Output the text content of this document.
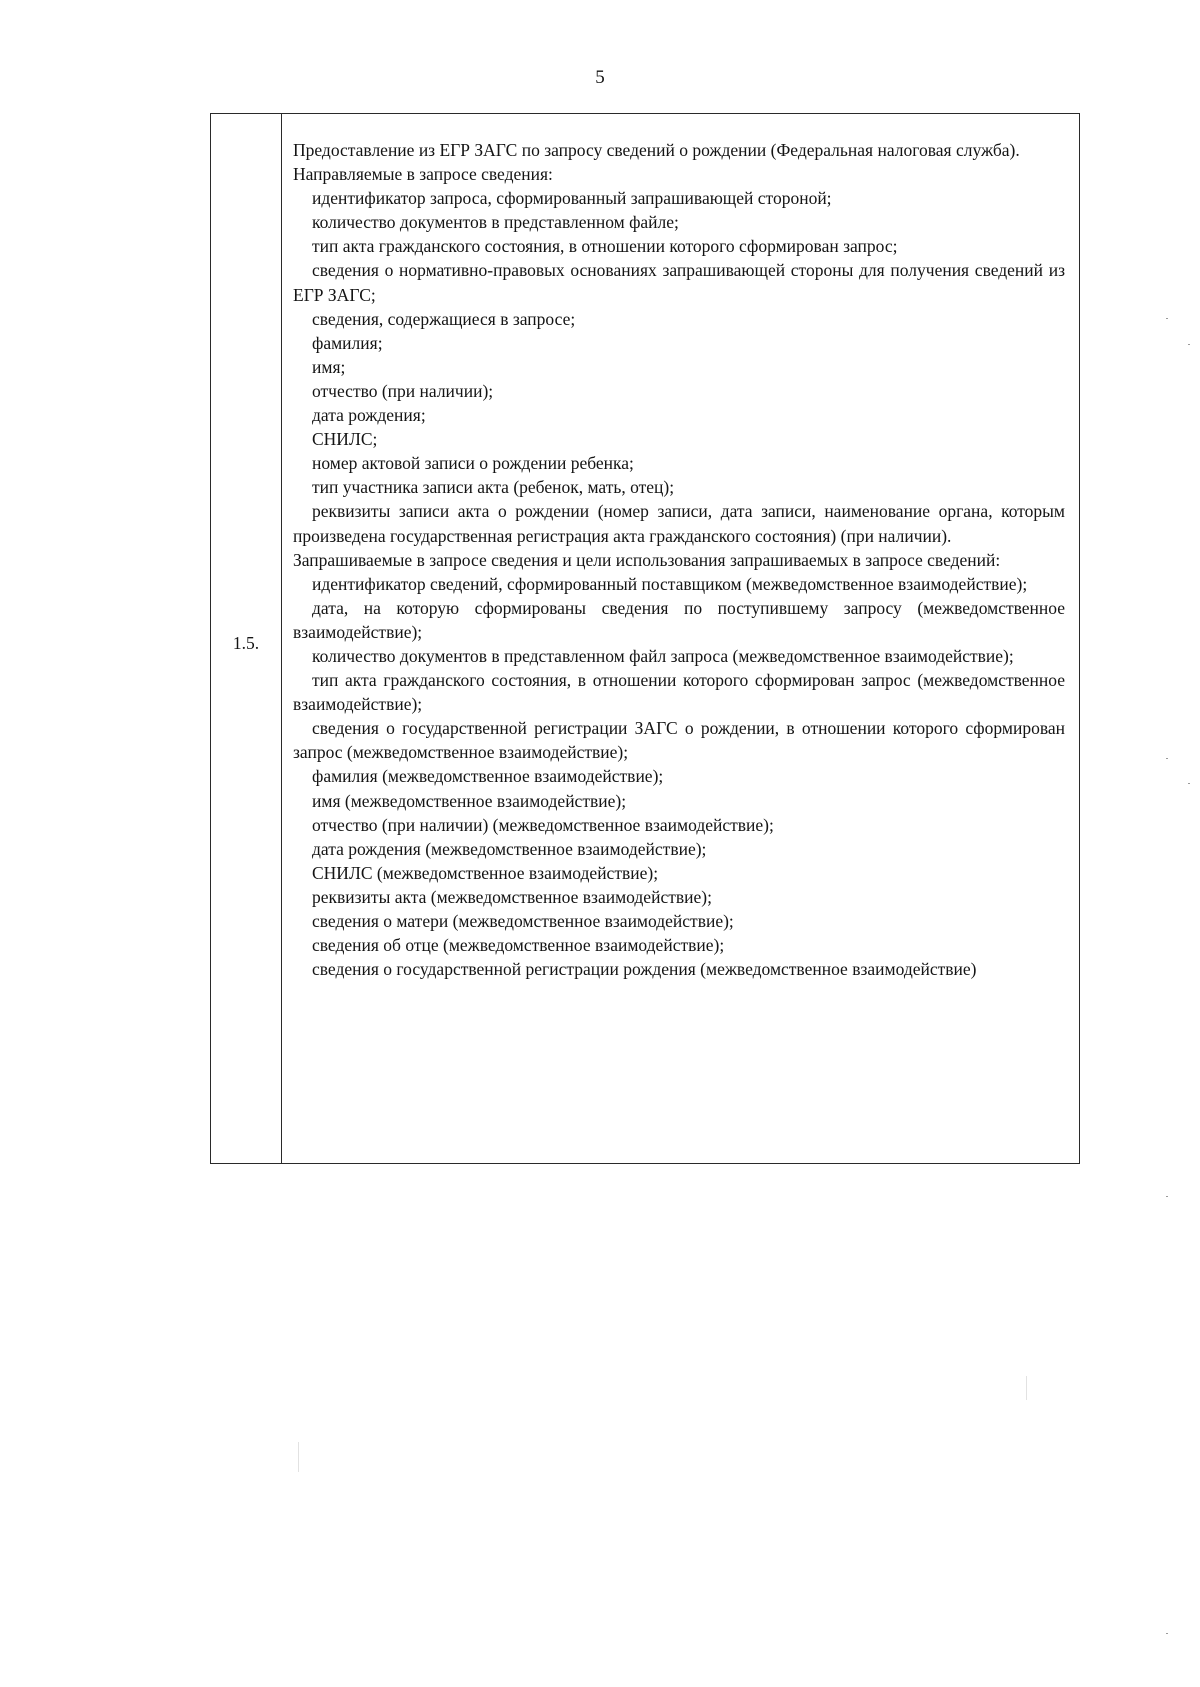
5
1.5.

Предоставление из ЕГР ЗАГС по запросу сведений о рождении (Федеральная налоговая служба).

Направляемые в запросе сведения:

идентификатор запроса, сформированный запрашивающей стороной;

количество документов в представленном файле;

тип акта гражданского состояния, в отношении которого сформирован запрос;

сведения о нормативно-правовых основаниях запрашивающей стороны для получения сведений из ЕГР ЗАГС;

сведения, содержащиеся в запросе;

фамилия;

имя;

отчество (при наличии);

дата рождения;

СНИЛС;

номер актовой записи о рождении ребенка;

тип участника записи акта (ребенок, мать, отец);

реквизиты записи акта о рождении (номер записи, дата записи, наименование органа, которым произведена государственная регистрация акта гражданского состояния) (при наличии).

Запрашиваемые в запросе сведения и цели использования запрашиваемых в запросе сведений:

идентификатор сведений, сформированный поставщиком (межведомственное взаимодействие);

дата, на которую сформированы сведения по поступившему запросу (межведомственное взаимодействие);

количество документов в представленном файл запроса (межведомственное взаимодействие);

тип акта гражданского состояния, в отношении которого сформирован запрос (межведомственное взаимодействие);

сведения о государственной регистрации ЗАГС о рождении, в отношении которого сформирован запрос (межведомственное взаимодействие);

фамилия (межведомственное взаимодействие);

имя (межведомственное взаимодействие);

отчество (при наличии) (межведомственное взаимодействие);

дата рождения (межведомственное взаимодействие);

СНИЛС (межведомственное взаимодействие);

реквизиты акта (межведомственное взаимодействие);

сведения о матери (межведомственное взаимодействие);

сведения об отце (межведомственное взаимодействие);

сведения о государственной регистрации рождения (межведомственное взаимодействие)
